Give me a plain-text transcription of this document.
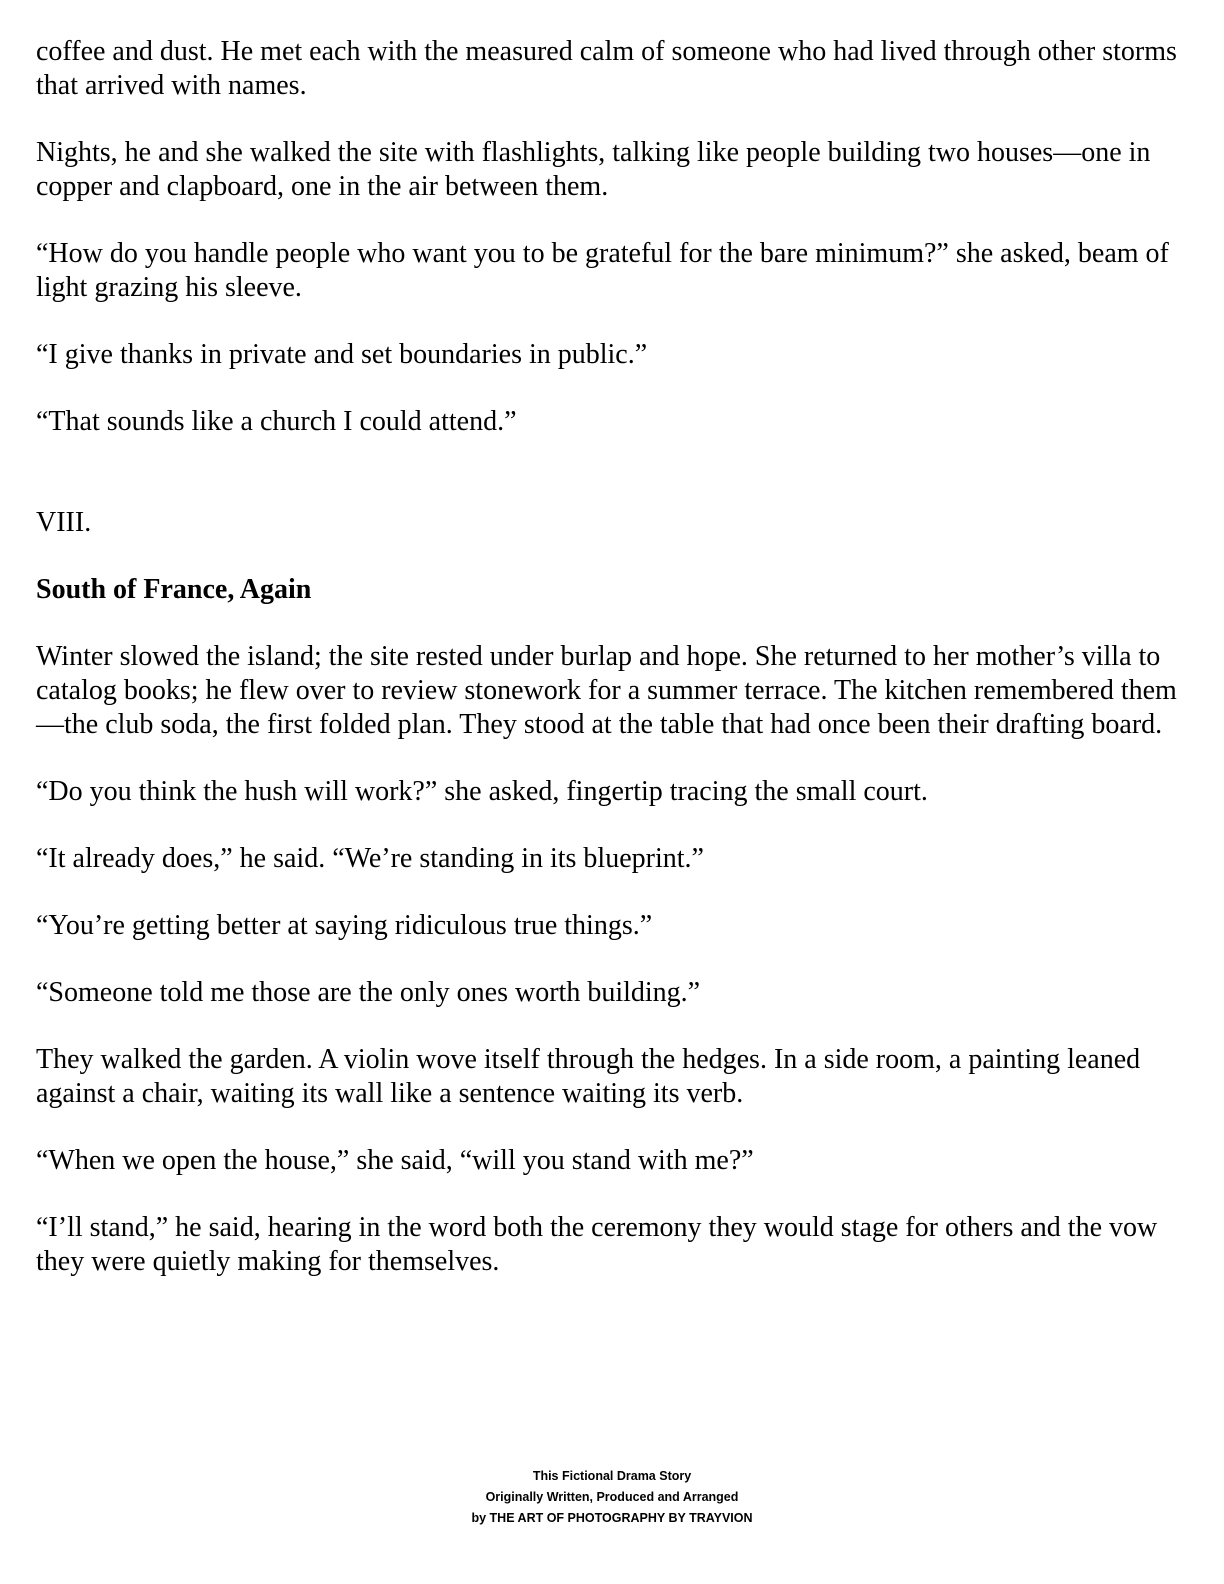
coffee and dust. He met each with the measured calm of someone who had lived through other storms that arrived with names.

Nights, he and she walked the site with flashlights, talking like people building two houses—one in copper and clapboard, one in the air between them.

“How do you handle people who want you to be grateful for the bare minimum?” she asked, beam of light grazing his sleeve.

“I give thanks in private and set boundaries in public.”

“That sounds like a church I could attend.”

VIII.

South of France, Again

Winter slowed the island; the site rested under burlap and hope. She returned to her mother’s villa to catalog books; he flew over to review stonework for a summer terrace. The kitchen remembered them—the club soda, the first folded plan. They stood at the table that had once been their drafting board.

“Do you think the hush will work?” she asked, fingertip tracing the small court.

“It already does,” he said. “We’re standing in its blueprint.”

“You’re getting better at saying ridiculous true things.”

“Someone told me those are the only ones worth building.”

They walked the garden. A violin wove itself through the hedges. In a side room, a painting leaned against a chair, waiting its wall like a sentence waiting its verb.

“When we open the house,” she said, “will you stand with me?”

“I’ll stand,” he said, hearing in the word both the ceremony they would stage for others and the vow they were quietly making for themselves.

This Fictional Drama Story
Originally Written, Produced and Arranged
by THE ART OF PHOTOGRAPHY BY TRAYVION
